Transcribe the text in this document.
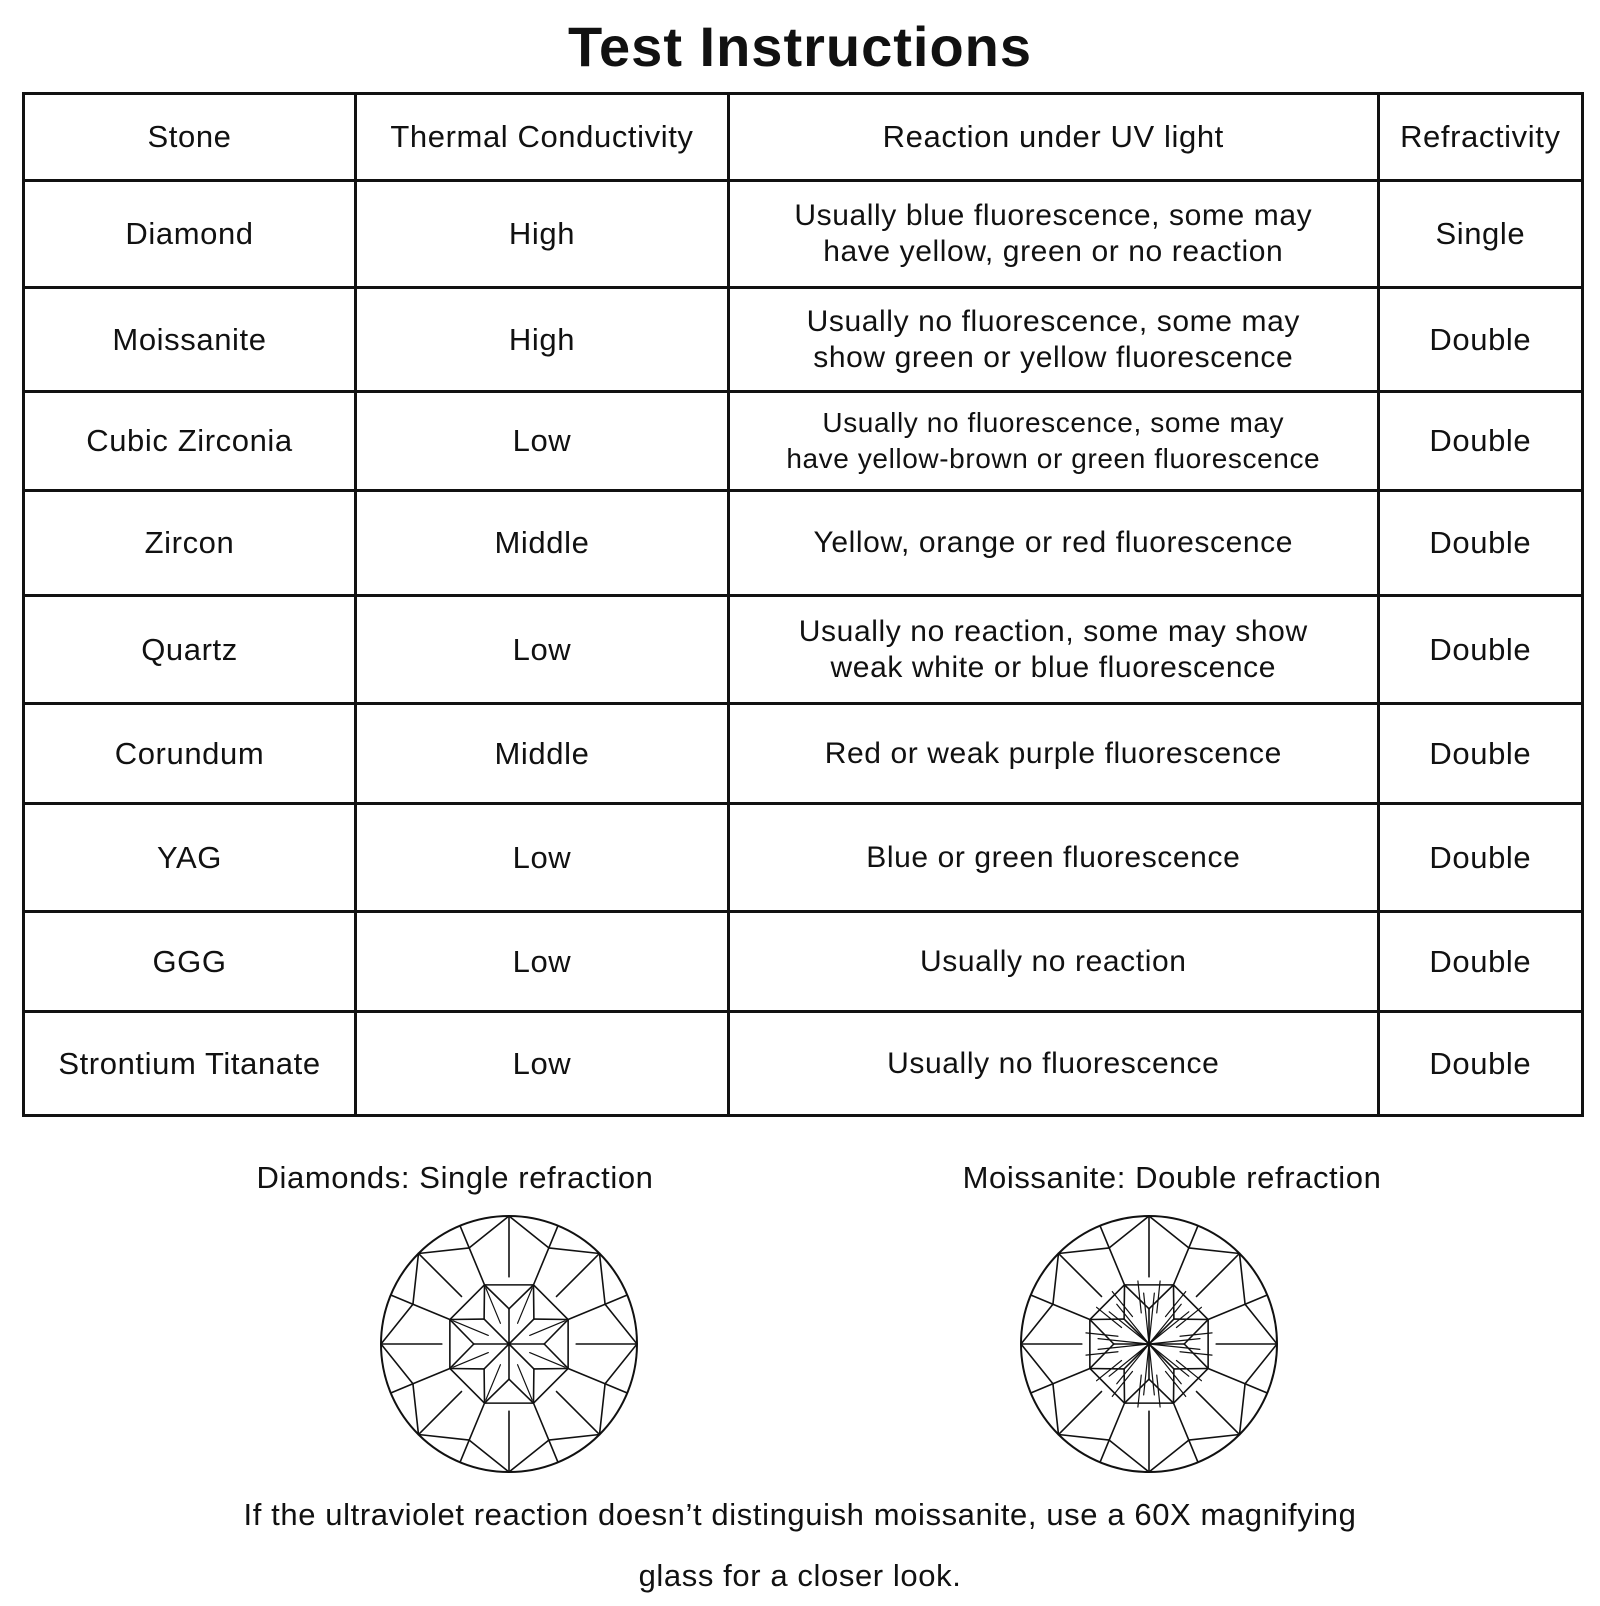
Test Instructions
Stone	Thermal Conductivity	Reaction under UV light	Refractivity
Diamond	High	Usually blue fluorescence, some may
have yellow, green or no reaction	Single
Moissanite	High	Usually no fluorescence, some may
show green or yellow fluorescence	Double
Cubic Zirconia	Low	Usually no fluorescence, some may
have yellow-brown or green fluorescence	Double
Zircon	Middle	Yellow, orange or red fluorescence	Double
Quartz	Low	Usually no reaction, some may show
weak white or blue fluorescence	Double
Corundum	Middle	Red or weak purple fluorescence	Double
YAG	Low	Blue or green fluorescence	Double
GGG	Low	Usually no reaction	Double
Strontium Titanate	Low	Usually no fluorescence	Double
Diamonds: Single refraction	Moissanite: Double refraction
If the ultraviolet reaction doesn’t distinguish moissanite, use a 60X magnifying
glass for a closer look.
